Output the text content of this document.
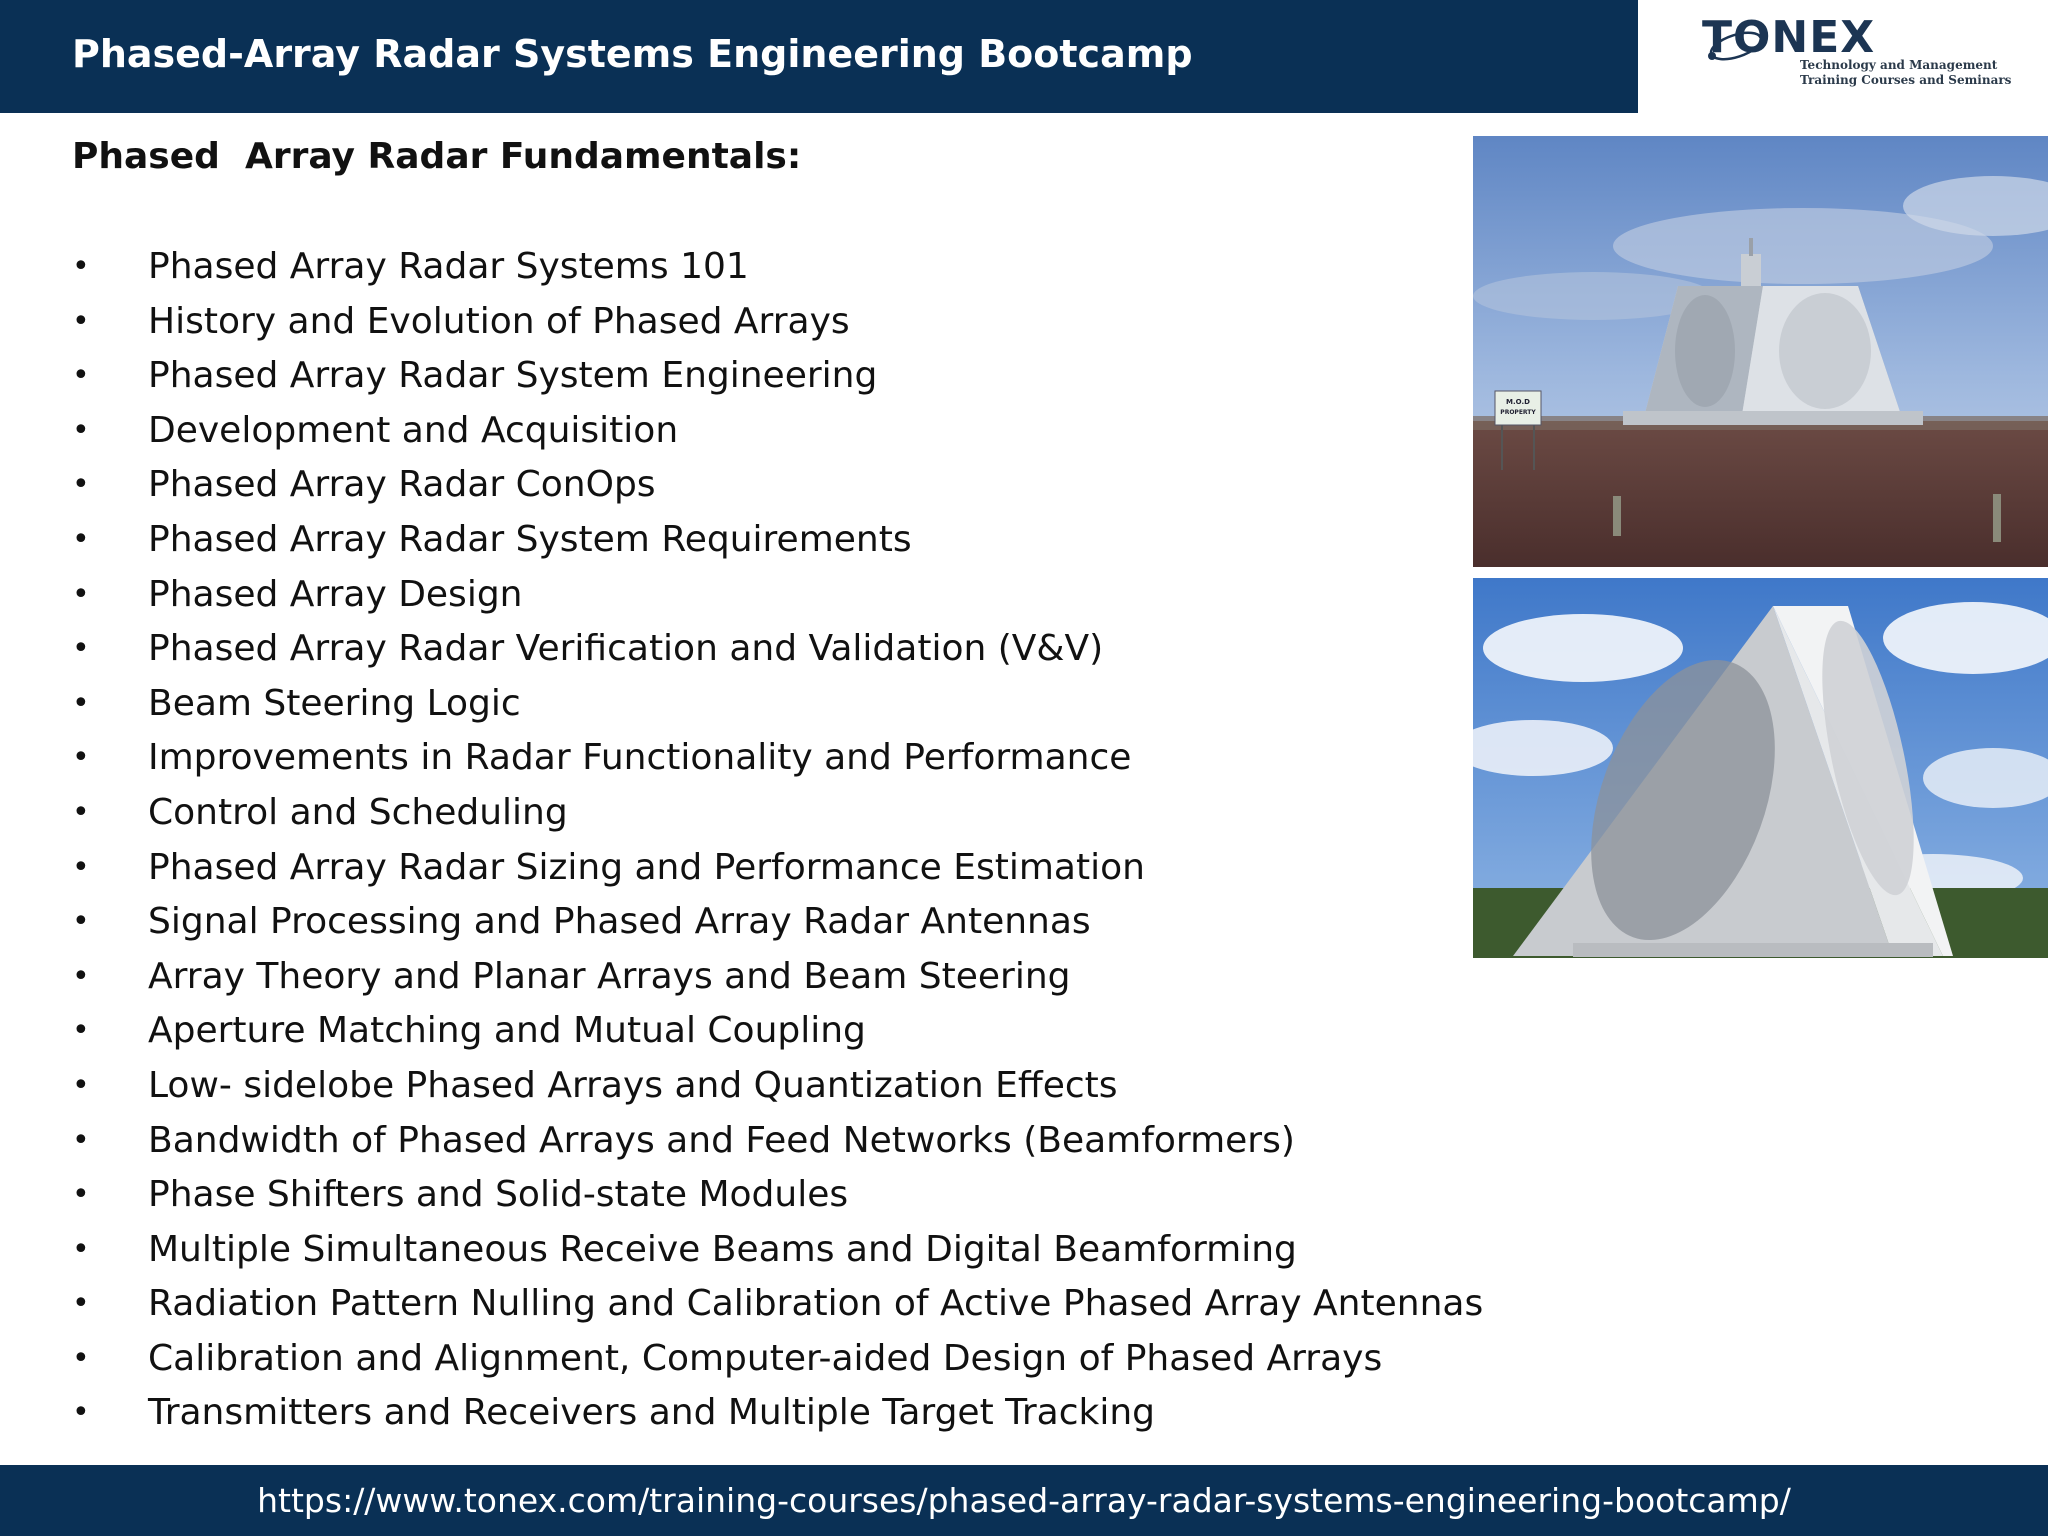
Phased-Array Radar Systems Engineering Bootcamp	TONEX
Technology and Management
Training Courses and Seminars
Phased  Array Radar Fundamentals:
• Phased Array Radar Systems 101
• History and Evolution of Phased Arrays
• Phased Array Radar System Engineering
• Development and Acquisition
• Phased Array Radar ConOps
• Phased Array Radar System Requirements
• Phased Array Design
• Phased Array Radar Verification and Validation (V&V)
• Beam Steering Logic
• Improvements in Radar Functionality and Performance
• Control and Scheduling
• Phased Array Radar Sizing and Performance Estimation
• Signal Processing and Phased Array Radar Antennas
• Array Theory and Planar Arrays and Beam Steering
• Aperture Matching and Mutual Coupling
• Low- sidelobe Phased Arrays and Quantization Effects
• Bandwidth of Phased Arrays and Feed Networks (Beamformers)
• Phase Shifters and Solid-state Modules
• Multiple Simultaneous Receive Beams and Digital Beamforming
• Radiation Pattern Nulling and Calibration of Active Phased Array Antennas
• Calibration and Alignment, Computer-aided Design of Phased Arrays
• Transmitters and Receivers and Multiple Target Tracking
M.O.D
PROPERTY
https://www.tonex.com/training-courses/phased-array-radar-systems-engineering-bootcamp/
